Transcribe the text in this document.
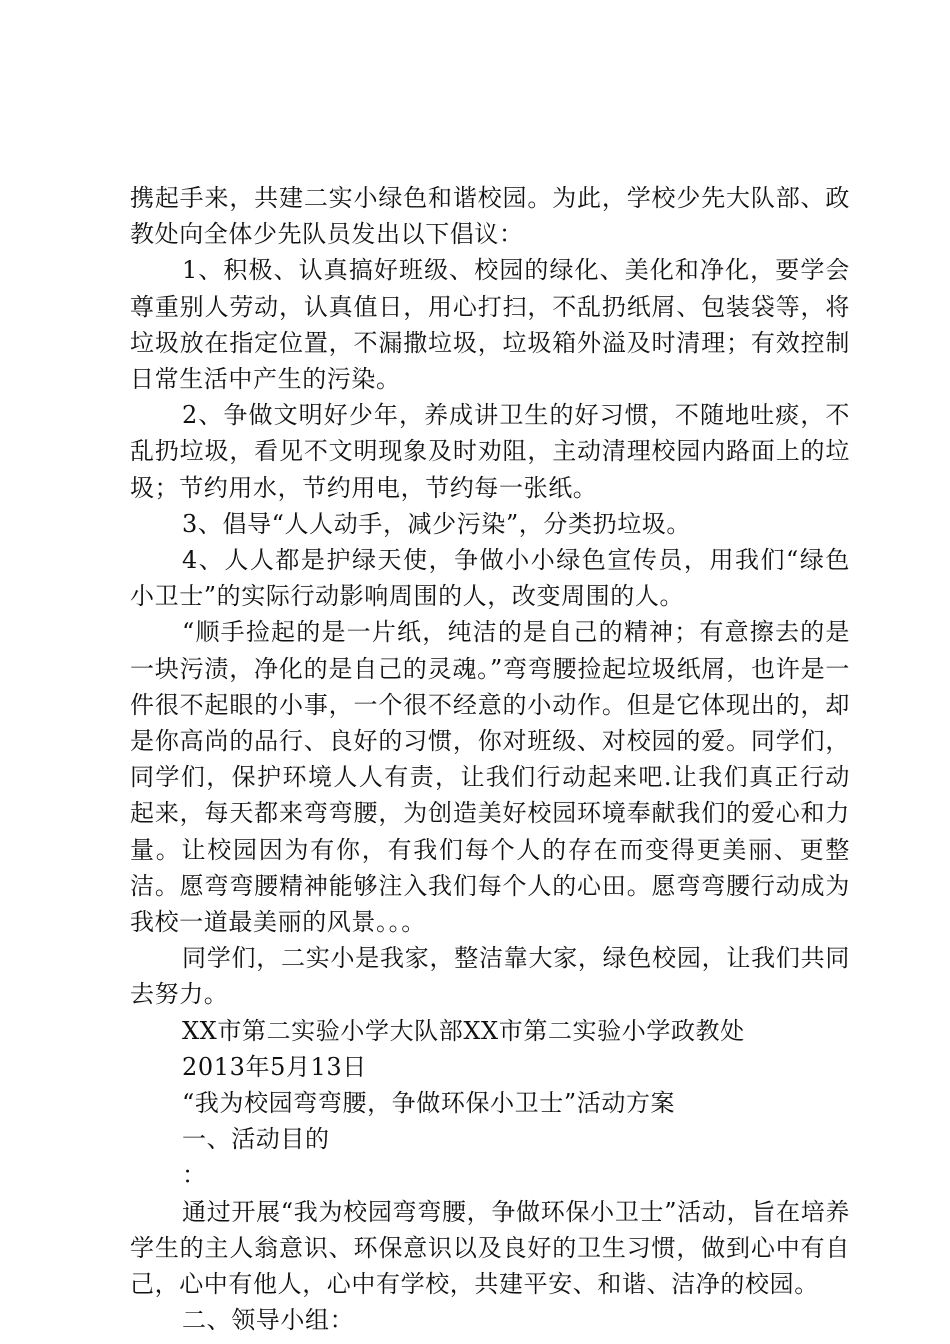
携起手来，共建二实小绿色和谐校园。为此，学校少先大队部、政教处向全体少先队员发出以下倡议：

1、积极、认真搞好班级、校园的绿化、美化和净化，要学会尊重别人劳动，认真值日，用心打扫，不乱扔纸屑、包装袋等，将垃圾放在指定位置，不漏撒垃圾，垃圾箱外溢及时清理；有效控制日常生活中产生的污染。

2、争做文明好少年，养成讲卫生的好习惯，不随地吐痰，不乱扔垃圾，看见不文明现象及时劝阻，主动清理校园内路面上的垃圾；节约用水，节约用电，节约每一张纸。

3、倡导“人人动手，减少污染”，分类扔垃圾。

4、人人都是护绿天使，争做小小绿色宣传员，用我们“绿色小卫士”的实际行动影响周围的人，改变周围的人。

“顺手捡起的是一片纸，纯洁的是自己的精神；有意擦去的是一块污渍，净化的是自己的灵魂。”弯弯腰捡起垃圾纸屑，也许是一件很不起眼的小事，一个很不经意的小动作。但是它体现出的，却是你高尚的品行、良好的习惯，你对班级、对校园的爱。同学们，同学们，保护环境人人有责，让我们行动起来吧.让我们真正行动起来，每天都来弯弯腰，为创造美好校园环境奉献我们的爱心和力量。让校园因为有你，有我们每个人的存在而变得更美丽、更整洁。愿弯弯腰精神能够注入我们每个人的心田。愿弯弯腰行动成为我校一道最美丽的风景。。。

同学们，二实小是我家，整洁靠大家，绿色校园，让我们共同去努力。

XX市第二实验小学大队部XX市第二实验小学政教处

2013年5月13日

“我为校园弯弯腰，争做环保小卫士”活动方案

一、活动目的

：

通过开展“我为校园弯弯腰，争做环保小卫士”活动，旨在培养学生的主人翁意识、环保意识以及良好的卫生习惯，做到心中有自己，心中有他人，心中有学校，共建平安、和谐、洁净的校园。

二、领导小组：
